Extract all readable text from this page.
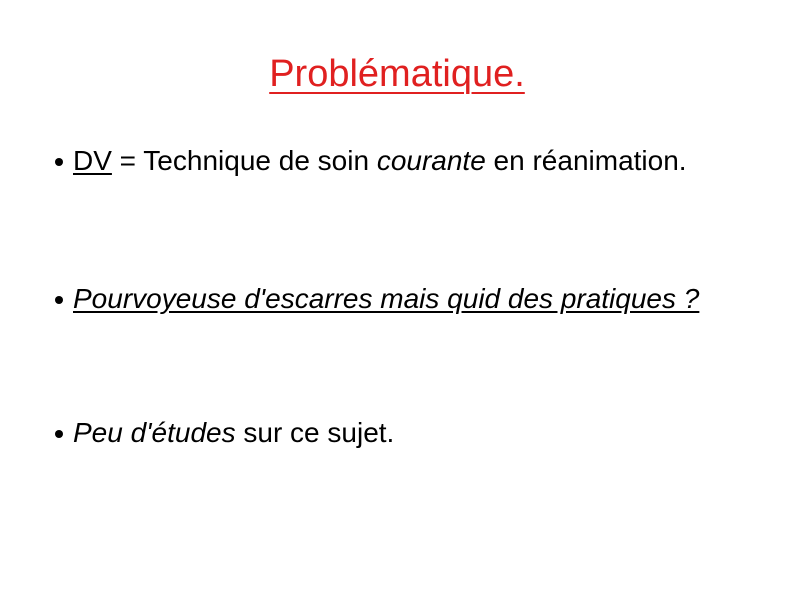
Problématique.
DV = Technique de soin courante en réanimation.
Pourvoyeuse d'escarres mais quid des pratiques ?
Peu d'études sur ce sujet.
